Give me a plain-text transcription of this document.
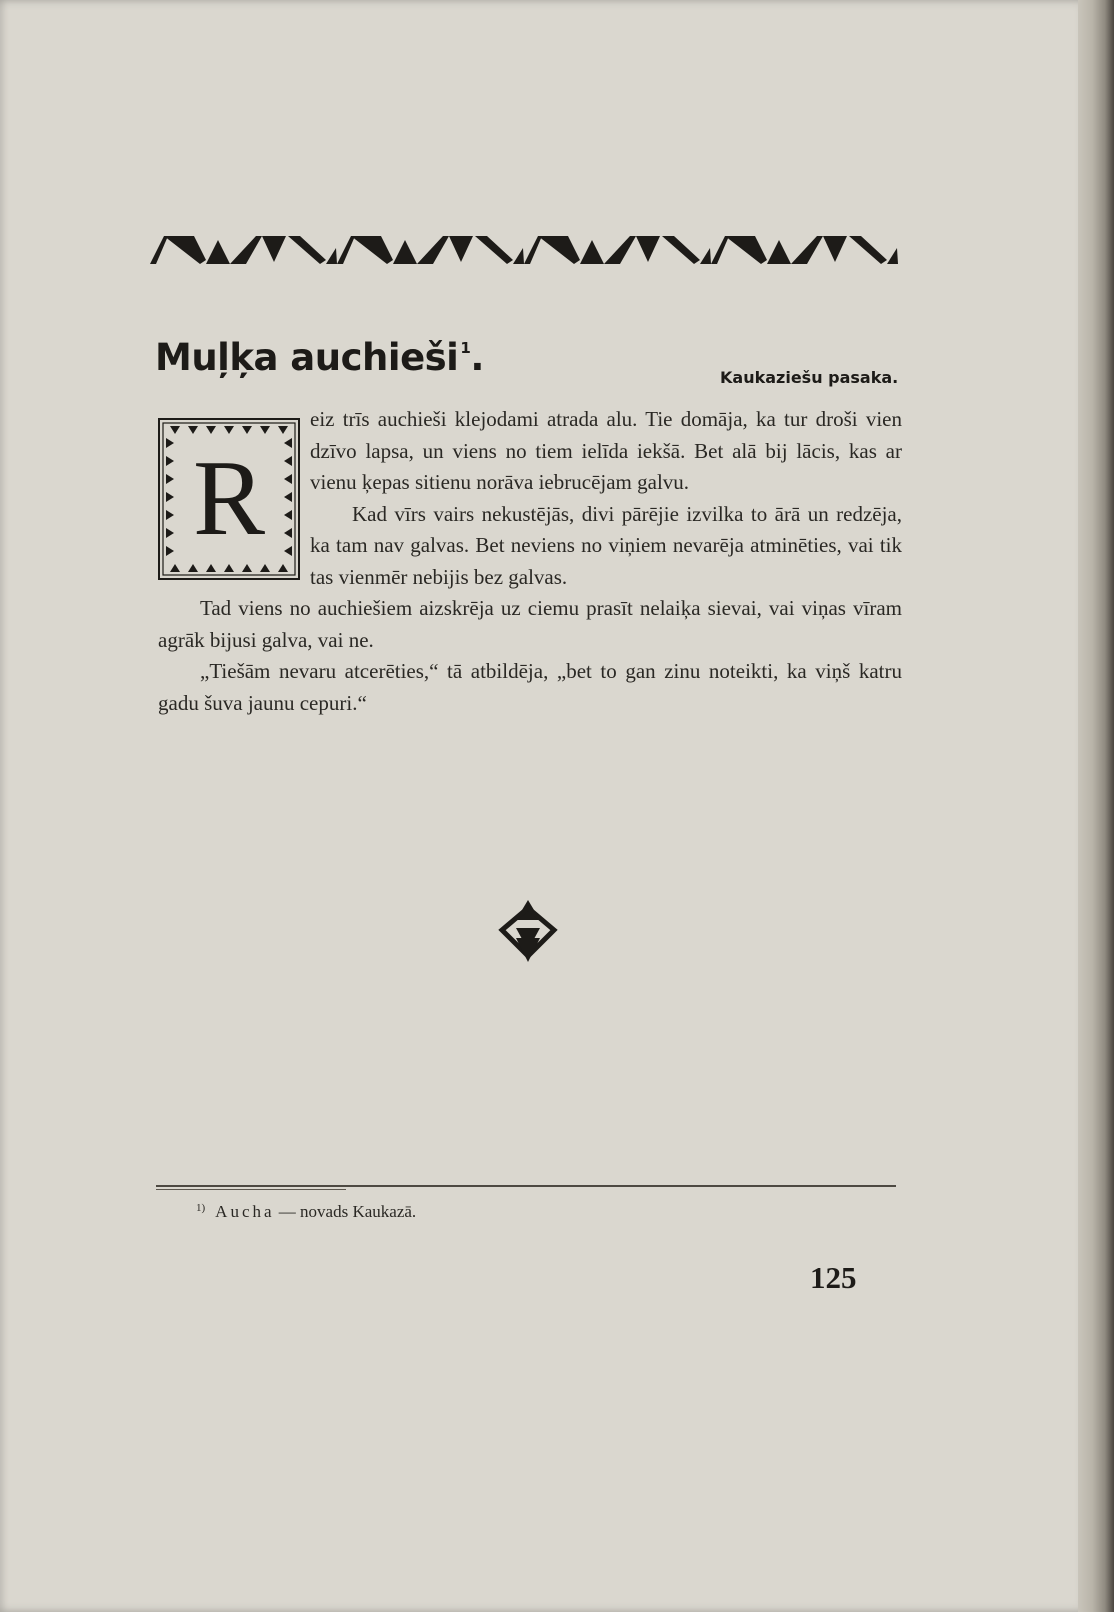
Muļķa auchieši $^1$.	Kaukaziešu pasaka.
R

eiz trīs auchieši klejodami atrada alu. Tie domāja, ka tur droši vien dzīvo lapsa, un viens no tiem ielīda iekšā. Bet alā bij lācis, kas ar vienu ķepas sitienu norāva iebrucējam galvu.

Kad vīrs vairs nekustējās, divi pārējie izvilka to ārā un redzēja, ka tam nav galvas. Bet neviens no viņiem nevarēja atminēties, vai tik tas vienmēr nebijis bez galvas.

Tad viens no auchiešiem aizskrēja uz ciemu prasīt nelaiķa sievai, vai viņas vīram agrāk bijusi galva, vai ne.

„Tiešām nevaru atcerēties,“ tā atbildēja, „bet to gan zinu noteikti, ka viņš katru gadu šuva jaunu cepuri.“

$^{1)}$ Aucha — novads Kaukazā.
125
